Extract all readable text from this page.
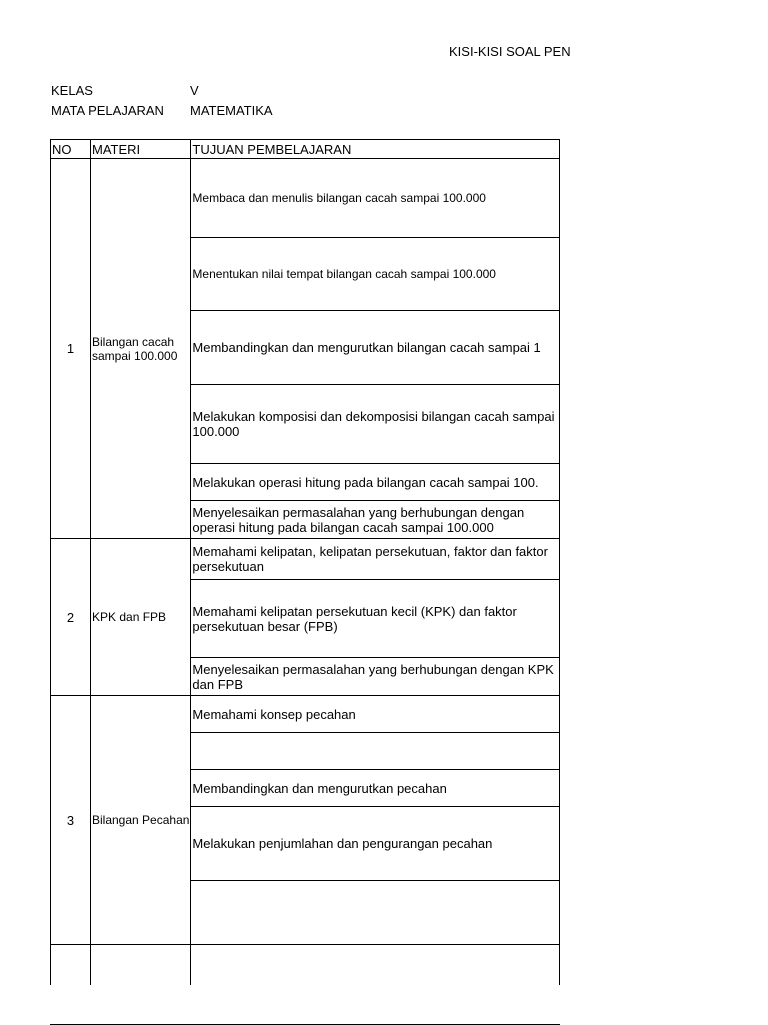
KISI-KISI SOAL PEN
KELAS	V
MATA PELAJARAN MATEMATIKA
NO	MATERI	TUJUAN PEMBELAJARAN
1	Bilangan cacah sampai 100.000	Membaca dan menulis bilangan cacah sampai 100.000
		Menentukan nilai tempat bilangan cacah sampai 100.000
		Membandingkan dan mengurutkan bilangan cacah sampai 1
		Melakukan komposisi dan dekomposisi bilangan cacah sampai 100.000
		Melakukan operasi hitung pada bilangan cacah sampai 100.
		Menyelesaikan permasalahan yang berhubungan dengan operasi hitung pada bilangan cacah sampai 100.000
2	KPK dan FPB	Memahami kelipatan, kelipatan persekutuan, faktor dan faktor persekutuan
		Memahami kelipatan persekutuan kecil (KPK) dan faktor persekutuan besar (FPB)
		Menyelesaikan permasalahan yang berhubungan dengan KPK dan FPB
3	Bilangan Pecahan	Memahami konsep pecahan

		Membandingkan dan mengurutkan pecahan
		Melakukan penjumlahan dan pengurangan pecahan
